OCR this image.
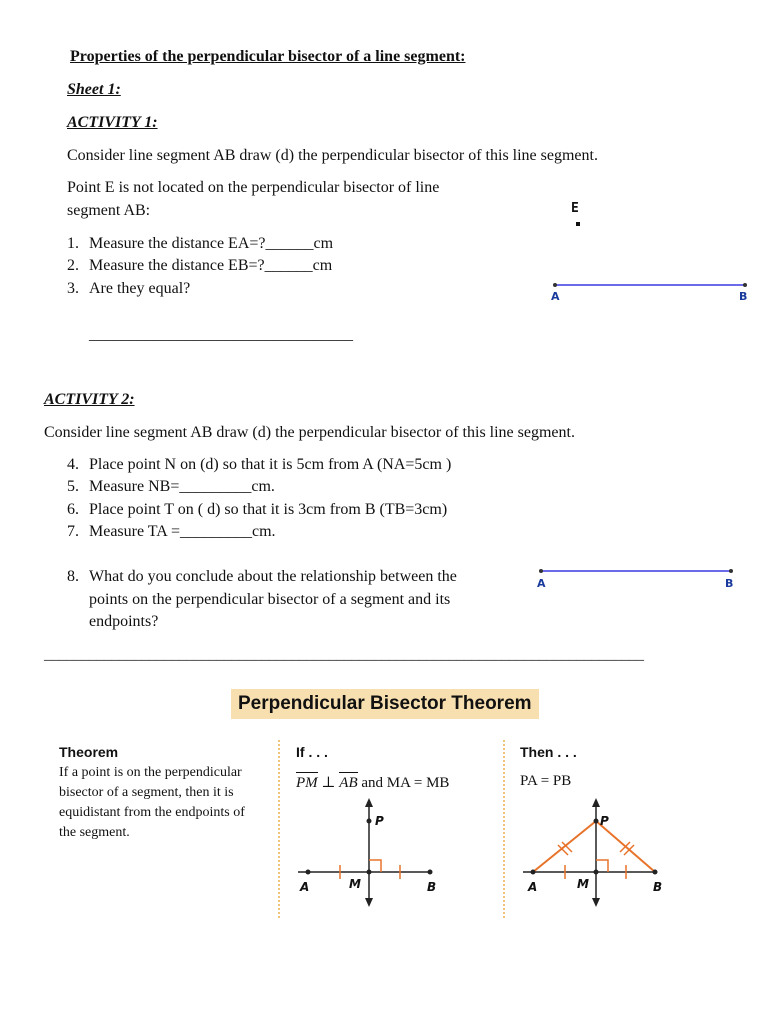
Properties of the perpendicular bisector of a line segment:
Sheet 1:
ACTIVITY 1:
Consider line segment AB draw (d) the perpendicular bisector of this line segment.
Point E is not located on the perpendicular bisector of line
segment AB:
1. Measure the distance EA=?______cm
2. Measure the distance EB=?______cm
3. Are they equal?
_________________________________
E
A	B
ACTIVITY 2:
Consider line segment AB draw (d) the perpendicular bisector of this line segment.
4. Place point N on (d) so that it is 5cm from A (NA=5cm )
5. Measure NB=_________cm.
6. Place point T on ( d) so that it is 3cm from B (TB=3cm)
7. Measure TA =_________cm.
8. What do you conclude about the relationship between the
points on the perpendicular bisector of a segment and its
endpoints?
________________________________________________________________________________
A	B
Perpendicular Bisector Theorem
Theorem
If a point is on the perpendicular bisector of a segment, then it is equidistant from the endpoints of the segment.
If . . .
PM ⊥ AB and MA = MB
Then . . .
PA = PB
P
A	M	B
P
A	M	B
